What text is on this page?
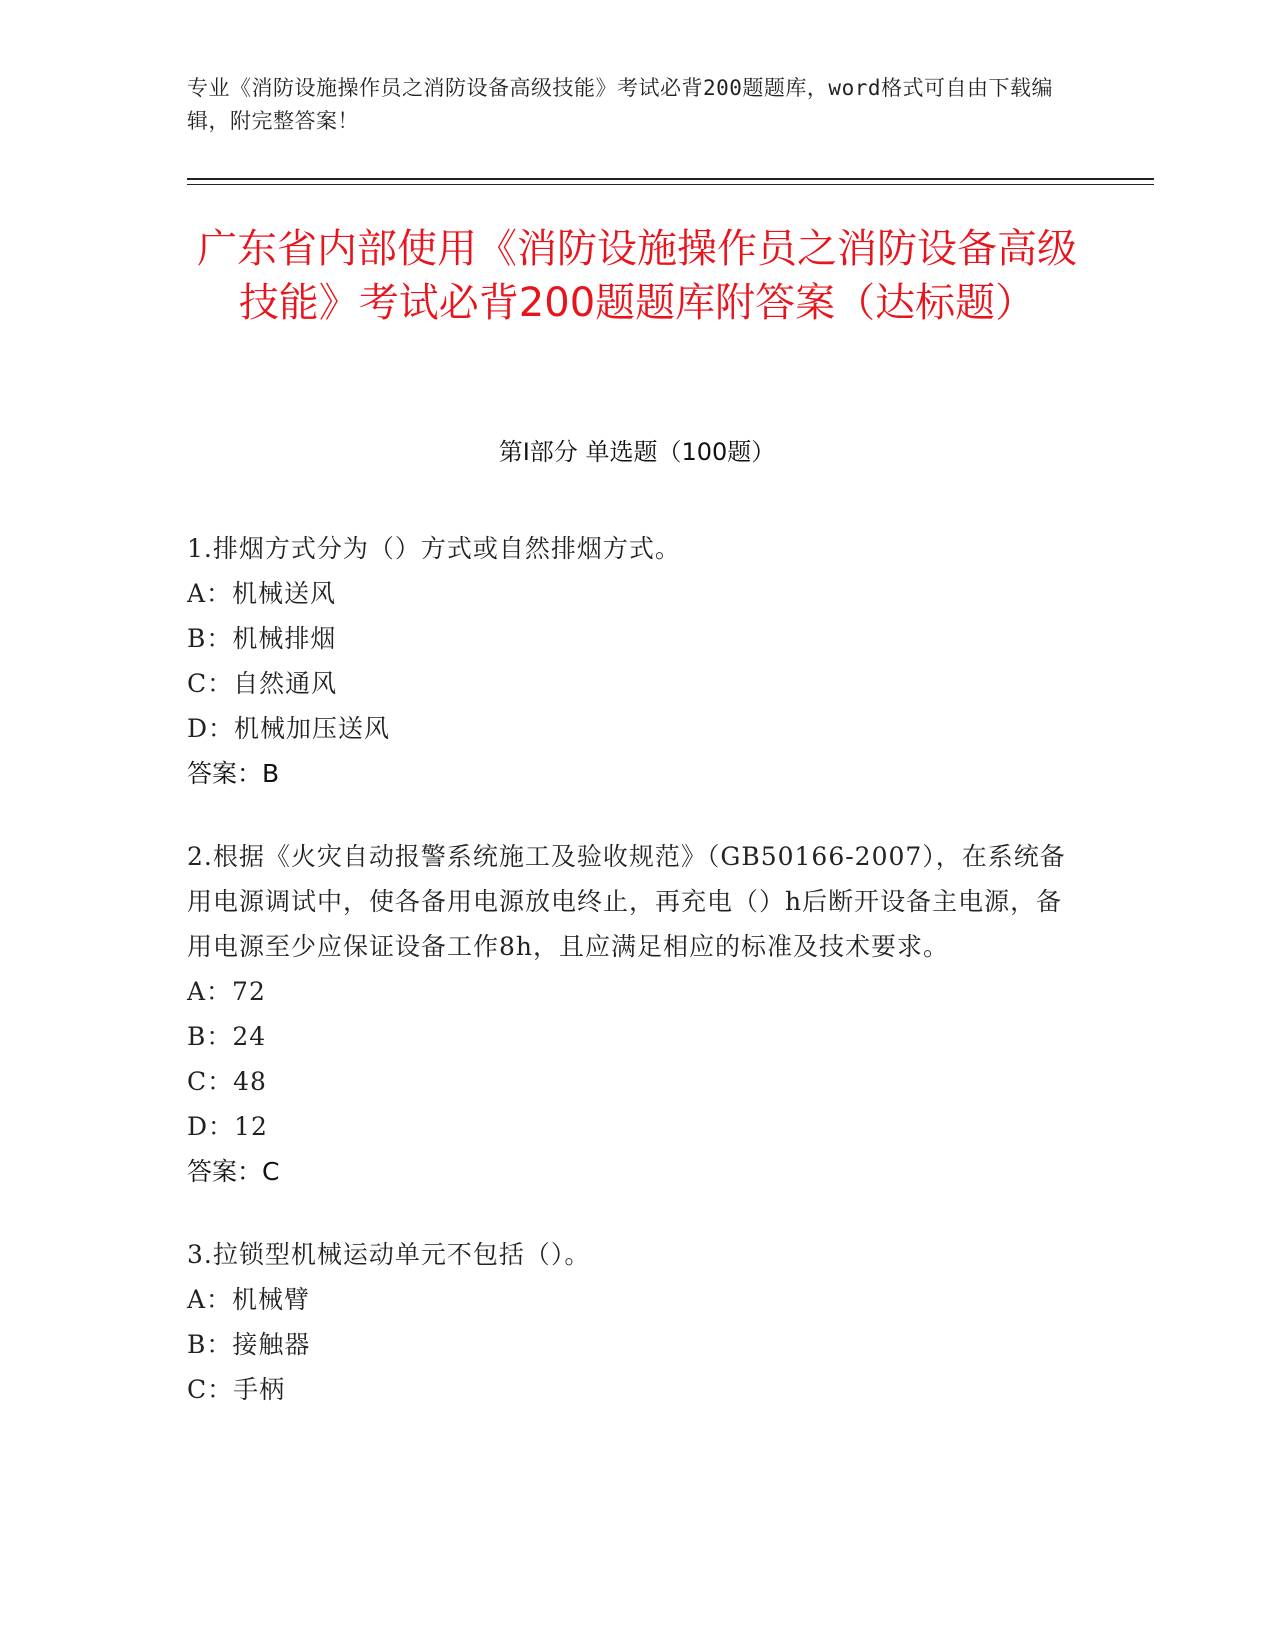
专业《消防设施操作员之消防设备高级技能》考试必背200题题库，word格式可自由下载编辑，附完整答案！
广东省内部使用《消防设施操作员之消防设备高级技能》考试必背200题题库附答案（达标题）
第Ⅰ部分 单选题（100题）
1.排烟方式分为（）方式或自然排烟方式。
A：机械送风
B：机械排烟
C：自然通风
D：机械加压送风
答案：B
2.根据《火灾自动报警系统施工及验收规范》（GB50166-2007），在系统备用电源调试中，使各备用电源放电终止，再充电（）h后断开设备主电源，备用电源至少应保证设备工作8h，且应满足相应的标准及技术要求。
A：72
B：24
C：48
D：12
答案：C
3.拉锁型机械运动单元不包括（）。
A：机械臂
B：接触器
C：手柄
